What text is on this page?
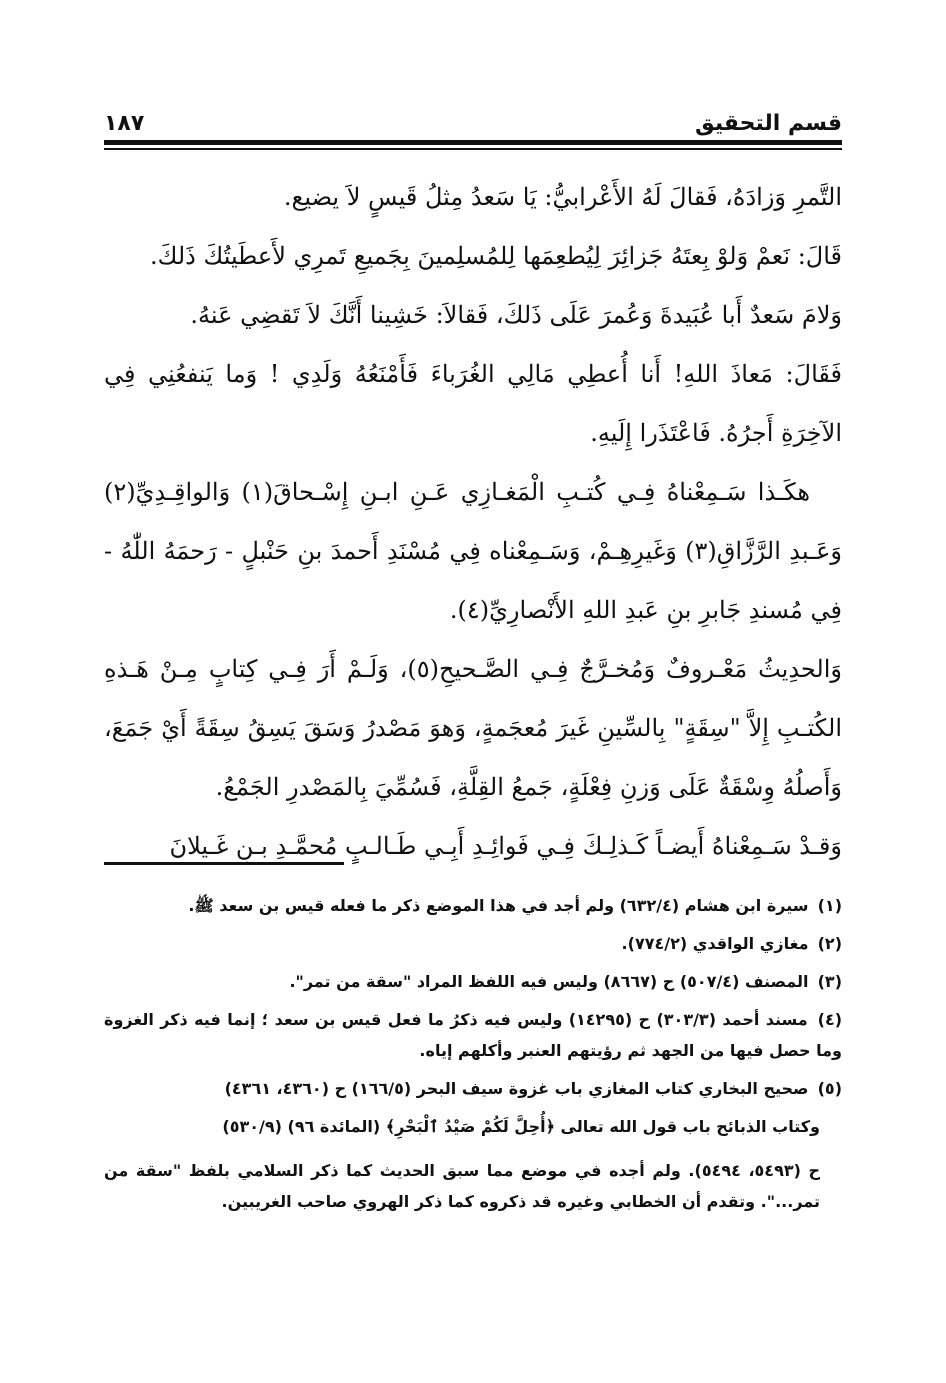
قسم التحقيق
١٨٧

التَّمرِ وَزادَهُ، فَقالَ لَهُ الأَعْرابيُّ: يَا سَعدُ مِثلُ قَيسٍ لاَ يضيع.

قَالَ: نَعمْ وَلوْ بِعتَهُ جَزائِرَ لِيُطعِمَها لِلمُسلِمينَ بِجَميعِ تَمرِي لأَعطَيتُكَ ذَلكَ.

وَلامَ سَعدٌ أَبا عُبَيدةَ وَعُمرَ عَلَى ذَلكَ، فَقالاَ: خَشِينا أَنَّكَ لاَ تَقضِي عَنهُ.

فَقَالَ: مَعاذَ اللهِ! أَنا أُعطِي مَالِي الغُرَباءَ فَأَمْنَعُهُ وَلَدِي ! وَما يَنفعُنِي فِي الآخِرَةِ أَجرُهُ. فَاعْتَذَرا إِلَيهِ.

هكَـذا سَـمِعْناهُ فِـي كُتـبِ الْمَغـازِي عَـنِ ابـنِ إِسْـحاقَ(١) وَالواقِـدِيِّ(٢) وَعَـبدِ الرَّزَّاقِ(٣) وَغَيرِهِـمْ، وَسَـمِعْناه فِي مُسْنَدِ أَحمدَ بنِ حَنْبلٍ - رَحمَهُ اللّٰهُ - فِي مُسندِ جَابرِ بنِ عَبدِ اللهِ الأَنْصارِيِّ(٤).

وَالحدِيثُ مَعْـروفٌ وَمُخـرَّجٌ فِـي الصَّـحيحِ(٥)، وَلَـمْ أَرَ فِـي كِتابٍ مِـنْ هَـذهِ الكُتـبِ إِلاَّ "سِقَةٍ" بِالسِّينِ غَيرَ مُعجَمةٍ، وَهوَ مَصْدرُ وَسَقَ يَسِقُ سِقَةً أَيْ جَمَعَ، وَأَصلُهُ وِسْقَةٌ عَلَى وَزنِ فِعْلَةٍ، جَمعُ القِلَّةِ، فَسُمِّيَ بِالمَصْدرِ الجَمْعُ.

وَقـدْ سَـمِعْناهُ أَيضـاً كَـذلِـكَ فِـي فَوائِـدِ أَبِـي طَـالـبٍ مُحمَّـدِ بـنِ غَـيلانَ

(١) سيرة ابن هشام (٦٣٢/٤) ولم أجد في هذا الموضع ذكر ما فعله قيس بن سعد ﷺ.
(٢) مغازي الواقدي (٧٧٤/٢).
(٣) المصنف (٥٠٧/٤) ح (٨٦٦٧) وليس فيه اللفظ المراد "سقة من تمر".
(٤) مسند أحمد (٣٠٣/٣) ح (١٤٢٩٥) وليس فيه ذكرُ ما فعل قيس بن سعد ؛ إنما فيه ذكر الغزوة وما حصل فيها من الجهد ثم رؤيتهم العنبر وأكلهم إياه.
(٥) صحيح البخاري كتاب المغازي باب غزوة سيف البحر (١٦٦/٥) ح (٤٣٦٠، ٤٣٦١)
وكتاب الذبائح باب قول الله تعالى ﴿أُحِلَّ لَكُمْ صَيْدُ ٱلْبَحْرِ﴾ (المائدة ٩٦) (٥٣٠/٩)
ح (٥٤٩٣، ٥٤٩٤). ولم أجده في موضع مما سبق الحديث كما ذكر السلامي بلفظ "سقة من تمر...". وتقدم أن الخطابي وغيره قد ذكروه كما ذكر الهروي صاحب الغريبين.
